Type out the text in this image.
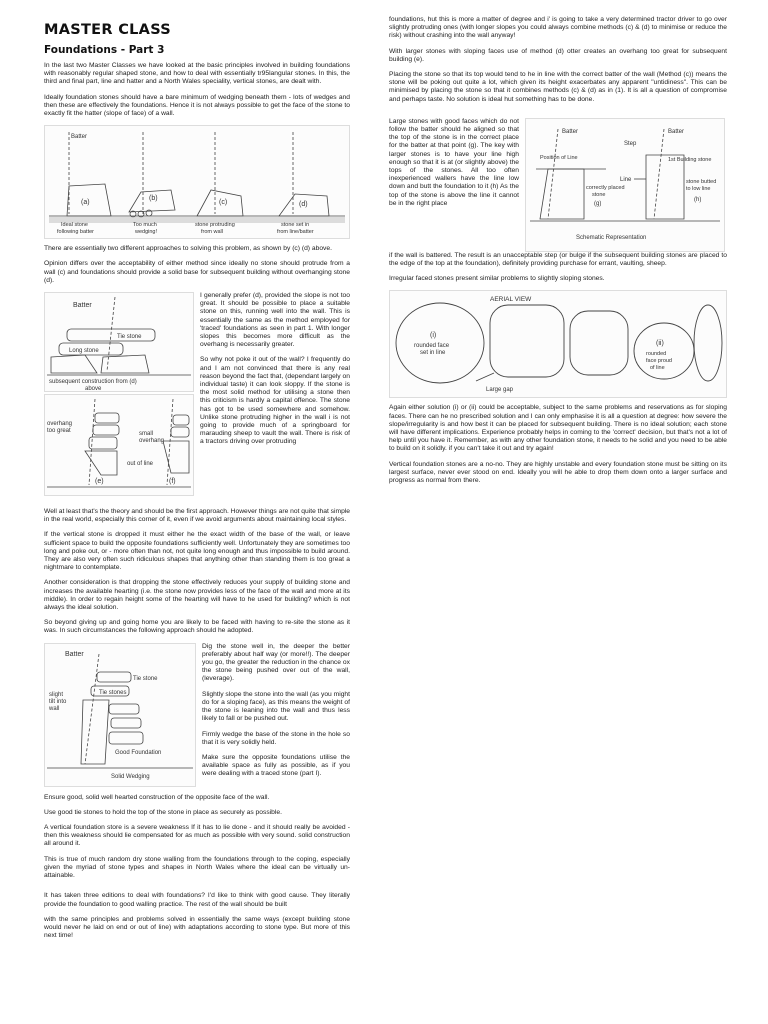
MASTER CLASS
Foundations - Part 3

In the last two Master Classes we have looked at the basic principles involved in building foundations with reasonably regular shaped stone, and how to deal with essentially tr95langular stones. In this, the third and final part, line and hatter and a North Wales speciality, vertical stones, are dealt with.

Ideally foundation stones should have a bare minimum of wedging beneath them - lots of wedges and then these are effectively the foundations. Hence it is not always possible to get the face of the stone to exactly fit the hatter (slope of face) of a wall.

Batter
(a)
(b)
(c)	(d)
Ideal stone
following batter
Too much
wedging!
stone protruding
from wall
stone set in
from line/batter

There are essentially two different approaches to solving this problem, as shown by (c) (d) above.

Opinion differs over the acceptability of either method since ideally no stone should protrude from a wall (c) and foundations should provide a solid base for subsequent building without overhanging stone (d).

Batter
Tie stone
Long stone
subsequent construction from (d)
above
overhang
too great	small
overhang
out of line
(e)	(f)

I generally prefer (d), provided the slope is not too great. It should be possible to place a suitable stone on this, running well into the wall. This is essentially the same as the method employed for 'traced' foundations as seen in part 1. With longer slopes this becomes more difficult as the overhang is necessarily greater.

So why not poke it out of the wall? I frequently do and I am not convinced that there is any real reason beyond the fact that, (dependant largely on individual taste) it can look sloppy. If the stone is the most solid method for utilising a stone then this criticism is hardly a capital offence. The stone has got to be used somewhere and somehow. Unlike stone protruding higher in the wall i is not going to provide much of a springboard for marauding sheep to vault the wall. There is risk of a tractors driving over protruding

Well at least that's the theory and should be the first approach. However things are not quite that simple in the real world, especially this corner of it, even if we avoid arguments about maintaining local styles.

If the vertical stone is dropped it must either he the exact width of the base of the wall, or leave sufficient space to build the opposite foundations sufficiently well. Unfortunately they are sometimes too long and poke out, or - more often than not, not quite long enough and thus impossible to build around. They are also very often such ridiculous shapes that anything other than standing them is too great a nightmare to contemplate.

Another consideration is that dropping the stone effectively reduces your supply of building stone and increases the available hearting (i.e. the stone now provides less of the face of the wall and more at its middle). In order to regain height some of the hearting will have to he used for building? which is not always the ideal solution.

So beyond giving up and going home you are likely to be faced with having to re-site the stone as it was. In such circumstances the following approach should he adopted.

Batter
Tie stone
Tie stones
slight
tilt into
wall
Good Foundation
Solid Wedging

Dig the stone well in, the deeper the better preferably about half way (or more!!). The deeper you go, the greater the reduction in the chance ox the stone being pushed over out of the wall, (leverage).

Slightly slope the stone into the wall (as you might do for a sloping face), as this means the weight of the stone is leaning into the wall and thus less likely to fall or be pushed out.

Firmly wedge the base of the stone in the hole so that it is very solidly held.

Make sure the opposite foundations utilise the available space as fully as possible, as if you were dealing with a traced stone (part I).

Ensure good, solid well hearted construction of the opposite face of the wall.

Use good tie stones to hold the top of the stone in place as securely as possible.

A vertical foundation store is a severe weakness If it has to lie done - and it should really be avoided - then this weakness should lie compensated for as much as possible with very sound. solid construction all around it.

This is true of much random dry stone walling from the foundations through to the coping, especially given the myriad of stone types and shapes in North Wales where the ideal can be virtually un-attainable.

It has taken three editions to deal with foundations? I'd like to think with good cause. They literally provide the foundation to good walling practice. The rest of the wall should be built

with the same principles and problems solved in essentially the same ways (except building stone would never he laid on end or out of line) with adaptations according to stone type. But more of this next time!

foundations, hut this is more a matter of degree and i' is going to take a very determined tractor driver to go over slightly protruding ones (with longer slopes you could always combine methods (c) & (d) to minimise or reduce the risk) without crashing into the wall anyway!

With larger stones with sloping faces use of method (d) otter creates an overhang too great for subsequent building (e).

Placing the stone so that its top would tend to he in line with the correct batter of the wall (Method (c)) means the stone will be poking out quite a lot, which given its height exacerbates any apparent "untidiness". This can be minimised by placing the stone so that it combines methods (c) & (d) as in (1). It is all a question of compromise and perhaps taste. No solution is ideal hut something has to be done.

Large stones with good faces which do not follow the batter should he aligned so that the top of the stone is in the correct place for the batter at that point (g). The key with larger stones is to have your line high enough so that it is at (or slightly above) the tops of the stones. All too often inexperienced wallers have the line low down and butt the foundation to it (h) As the top of the stone is above the line it cannot be in the right place

Batter	Batter
Step
Position of Line	1st Building stone
correctly placed
stone
(g)
Line	stone butted
to low line
(h)
Schematic Representation

if the wall is battered. The result is an unacceptable step (or bulge if the subsequent building stones are placed to the edge of the top at the foundation), definitely providing purchase for errant, vaulting, sheep.

Irregular faced stones present similar problems to slightly sloping stones.

AERIAL VIEW
(i)
rounded face
set in line
(ii)
rounded
face proud
of line
Large gap

Again either solution (i) or (ii) could be acceptable, subject to the same problems and reservations as for sloping faces. There can he no prescribed solution and I can only emphasise it is all a question at degree: how severe the slope/irregularity is and how best it can be placed for subsequent building. There is no ideal solution; each stone will have different implications. Experience probably helps in coming to the 'correct' decision, but that's not a lot of help until you have it. Remember, as with any other foundation stone, it needs to he solid and you need to be able to build on it solidly. if you can't take it out and try again!

Vertical foundation stones are a no-no. They are highly unstable and every foundation stone must be sitting on its largest surface, never ever stood on end. Ideally you will he able to drop them down onto a larger surface and progress as normal from there.
